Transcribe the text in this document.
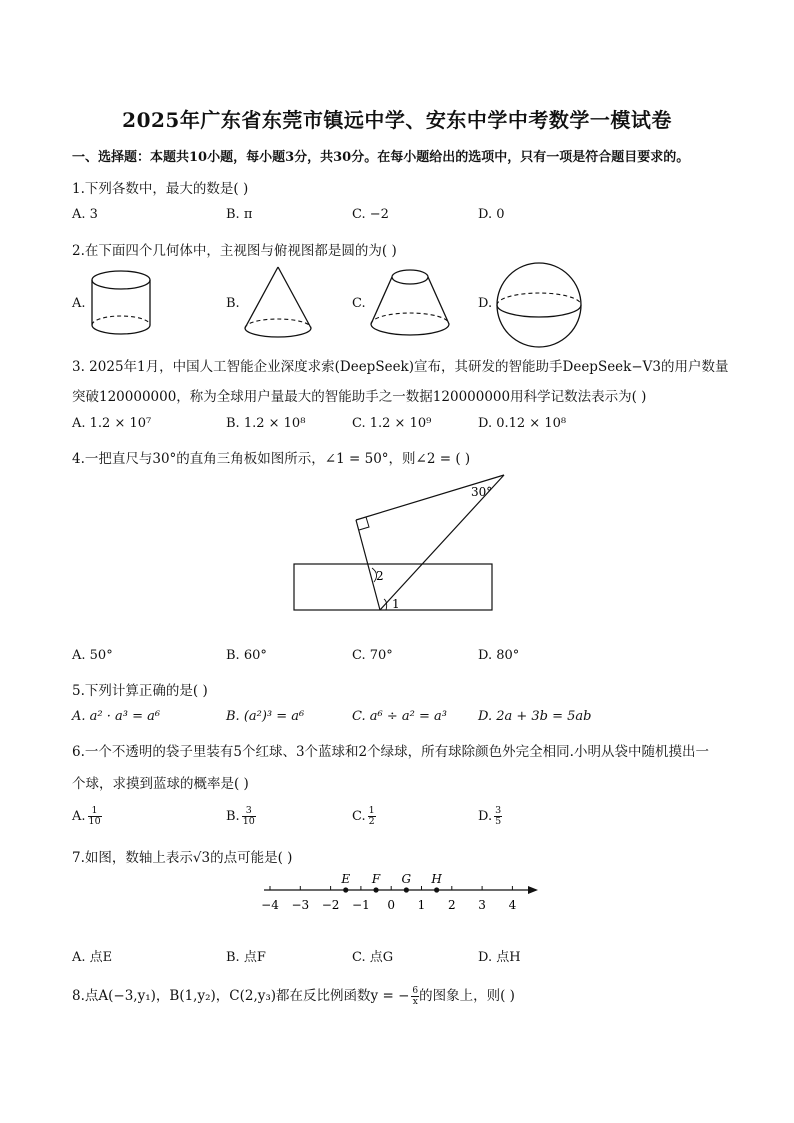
2025年广东省东莞市镇远中学、安东中学中考数学一模试卷
一、选择题：本题共10小题，每小题3分，共30分。在每小题给出的选项中，只有一项是符合题目要求的。
1.下列各数中，最大的数是( )
A. 3	B. π	C. −2	D. 0
2.在下面四个几何体中，主视图与俯视图都是圆的为( )
A.	B.	C.	D.
3. 2025年1月，中国人工智能企业深度求索(DeepSeek)宣布，其研发的智能助手DeepSeek−V3的用户数量
突破120000000，称为全球用户量最大的智能助手之一数据120000000用科学记数法表示为( )
A. 1.2 × 10⁷	B. 1.2 × 10⁸	C. 1.2 × 10⁹	D. 0.12 × 10⁸
4.一把直尺与30°的直角三角板如图所示，∠1 = 50°，则∠2 = ( )
30°
2
1
A. 50°	B. 60°	C. 70°	D. 80°
5.下列计算正确的是( )
A. a² · a³ = a⁶	B. (a²)³ = a⁶	C. a⁶ ÷ a² = a³ D. 2a + 3b = 5ab
6.一个不透明的袋子里装有5个红球、3个蓝球和2个绿球，所有球除颜色外完全相同.小明从袋中随机摸出一
个球，求摸到蓝球的概率是( )
A. $\frac{1}{10}$	B. $\frac{3}{10}$	C. $\frac{1}{2}$	D. $\frac{3}{5}$
7.如图，数轴上表示√3的点可能是( )
−4 −3 −2 −1 0 1 2 3 4
E F G H
A. 点E	B. 点F	C. 点G	D. 点H
8.点A(−3,y₁)，B(1,y₂)，C(2,y₃)都在反比例函数y = − $\frac{6}{x}$ 的图象上，则( )
